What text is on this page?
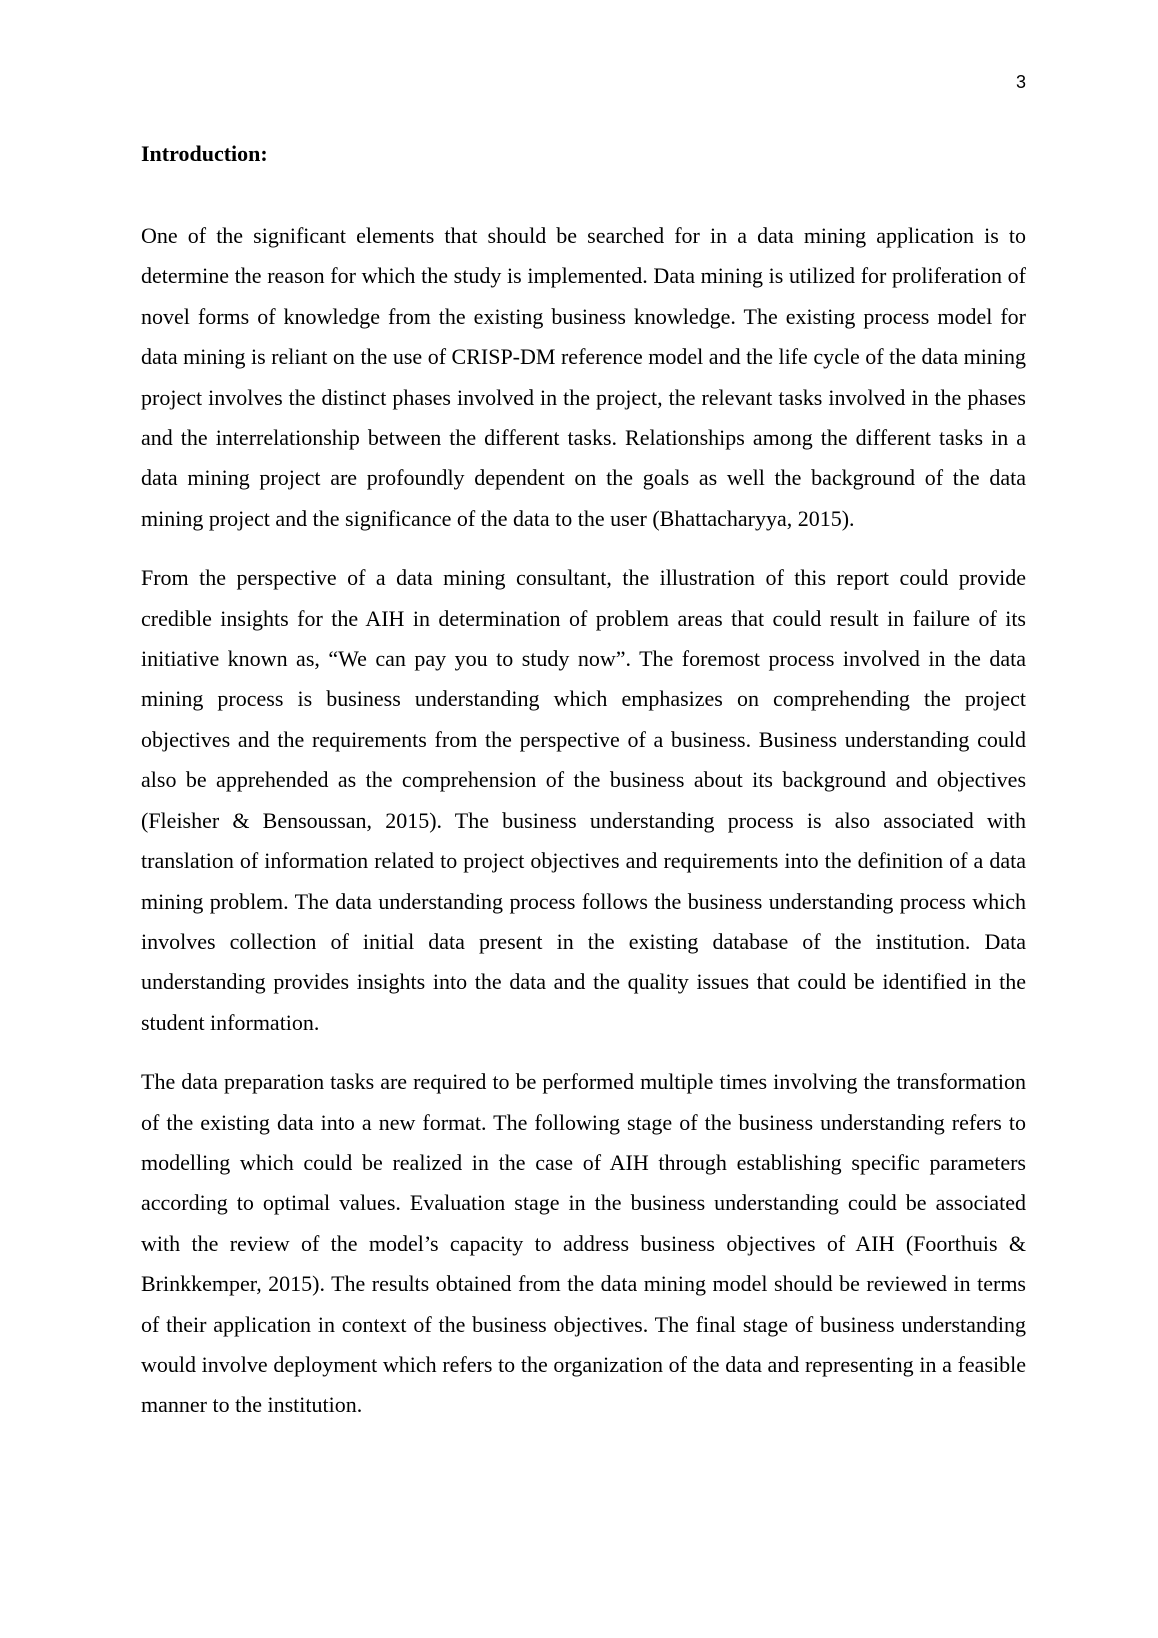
3
Introduction:

One of the significant elements that should be searched for in a data mining application is to determine the reason for which the study is implemented. Data mining is utilized for proliferation of novel forms of knowledge from the existing business knowledge. The existing process model for data mining is reliant on the use of CRISP-DM reference model and the life cycle of the data mining project involves the distinct phases involved in the project, the relevant tasks involved in the phases and the interrelationship between the different tasks. Relationships among the different tasks in a data mining project are profoundly dependent on the goals as well the background of the data mining project and the significance of the data to the user (Bhattacharyya, 2015).

From the perspective of a data mining consultant, the illustration of this report could provide credible insights for the AIH in determination of problem areas that could result in failure of its initiative known as, “We can pay you to study now”. The foremost process involved in the data mining process is business understanding which emphasizes on comprehending the project objectives and the requirements from the perspective of a business. Business understanding could also be apprehended as the comprehension of the business about its background and objectives (Fleisher & Bensoussan, 2015). The business understanding process is also associated with translation of information related to project objectives and requirements into the definition of a data mining problem. The data understanding process follows the business understanding process which involves collection of initial data present in the existing database of the institution. Data understanding provides insights into the data and the quality issues that could be identified in the student information.

The data preparation tasks are required to be performed multiple times involving the transformation of the existing data into a new format. The following stage of the business understanding refers to modelling which could be realized in the case of AIH through establishing specific parameters according to optimal values. Evaluation stage in the business understanding could be associated with the review of the model’s capacity to address business objectives of AIH (Foorthuis & Brinkkemper, 2015). The results obtained from the data mining model should be reviewed in terms of their application in context of the business objectives. The final stage of business understanding would involve deployment which refers to the organization of the data and representing in a feasible manner to the institution.
